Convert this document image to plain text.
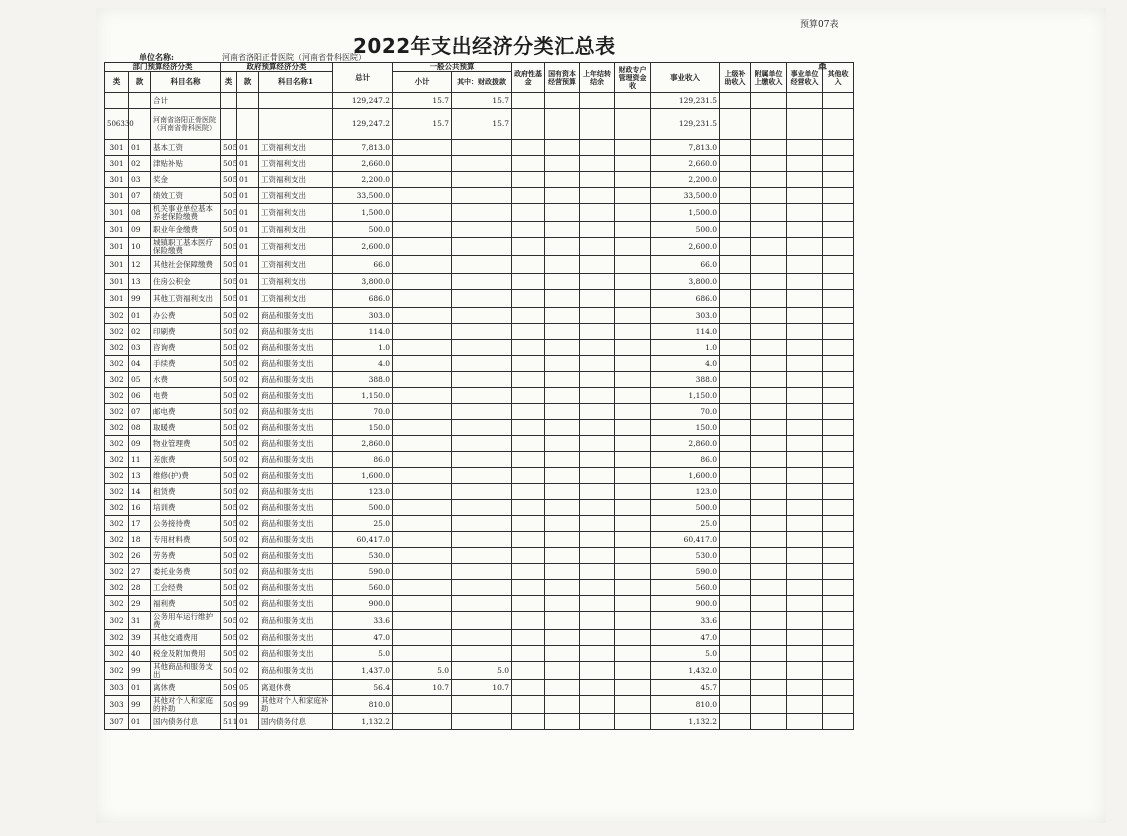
预算07表
2022年支出经济分类汇总表
单位名称:	河南省洛阳正骨医院（河南省骨科医院）
单
部门预算经济分类			政府预算经济分类			总计	一般公共预算		政府性基金	国有资本经营预算	上年结转结余	财政专户管理资金收	事业收入	上级补助收入	附属单位上缴收入	事业单位经营收入	其他收入
类	款	科目名称	类	款	科目名称1		小计	其中：财政拨款									

		合计				129,247.2	15.7	15.7					129,231.5				
506330		河南省洛阳正骨医院（河南省骨科医院）				129,247.2	15.7	15.7					129,231.5				
301	01	基本工资	505	01	工资福利支出	7,813.0							7,813.0				
301	02	津贴补贴	505	01	工资福利支出	2,660.0							2,660.0				
301	03	奖金	505	01	工资福利支出	2,200.0							2,200.0				
301	07	绩效工资	505	01	工资福利支出	33,500.0							33,500.0				
301	08	机关事业单位基本养老保险缴费	505	01	工资福利支出	1,500.0							1,500.0				
301	09	职业年金缴费	505	01	工资福利支出	500.0							500.0				
301	10	城镇职工基本医疗保险缴费	505	01	工资福利支出	2,600.0							2,600.0				
301	12	其他社会保障缴费	505	01	工资福利支出	66.0							66.0				
301	13	住房公积金	505	01	工资福利支出	3,800.0							3,800.0				
301	99	其他工资福利支出	505	01	工资福利支出	686.0							686.0				
302	01	办公费	505	02	商品和服务支出	303.0							303.0				
302	02	印刷费	505	02	商品和服务支出	114.0							114.0				
302	03	咨询费	505	02	商品和服务支出	1.0							1.0				
302	04	手续费	505	02	商品和服务支出	4.0							4.0				
302	05	水费	505	02	商品和服务支出	388.0							388.0				
302	06	电费	505	02	商品和服务支出	1,150.0							1,150.0				
302	07	邮电费	505	02	商品和服务支出	70.0							70.0				
302	08	取暖费	505	02	商品和服务支出	150.0							150.0				
302	09	物业管理费	505	02	商品和服务支出	2,860.0							2,860.0				
302	11	差旅费	505	02	商品和服务支出	86.0							86.0				
302	13	维修(护)费	505	02	商品和服务支出	1,600.0							1,600.0				
302	14	租赁费	505	02	商品和服务支出	123.0							123.0				
302	16	培训费	505	02	商品和服务支出	500.0							500.0				
302	17	公务接待费	505	02	商品和服务支出	25.0							25.0				
302	18	专用材料费	505	02	商品和服务支出	60,417.0							60,417.0				
302	26	劳务费	505	02	商品和服务支出	530.0							530.0				
302	27	委托业务费	505	02	商品和服务支出	590.0							590.0				
302	28	工会经费	505	02	商品和服务支出	560.0							560.0				
302	29	福利费	505	02	商品和服务支出	900.0							900.0				
302	31	公务用车运行维护费	505	02	商品和服务支出	33.6							33.6				
302	39	其他交通费用	505	02	商品和服务支出	47.0							47.0				
302	40	税金及附加费用	505	02	商品和服务支出	5.0							5.0				
302	99	其他商品和服务支出	505	02	商品和服务支出	1,437.0	5.0	5.0					1,432.0				
303	01	离休费	509	05	离退休费	56.4	10.7	10.7					45.7				
303	99	其他对个人和家庭的补助	509	99	其他对个人和家庭补助	810.0							810.0				
307	01	国内债务付息	511	01	国内债务付息	1,132.2							1,132.2				
